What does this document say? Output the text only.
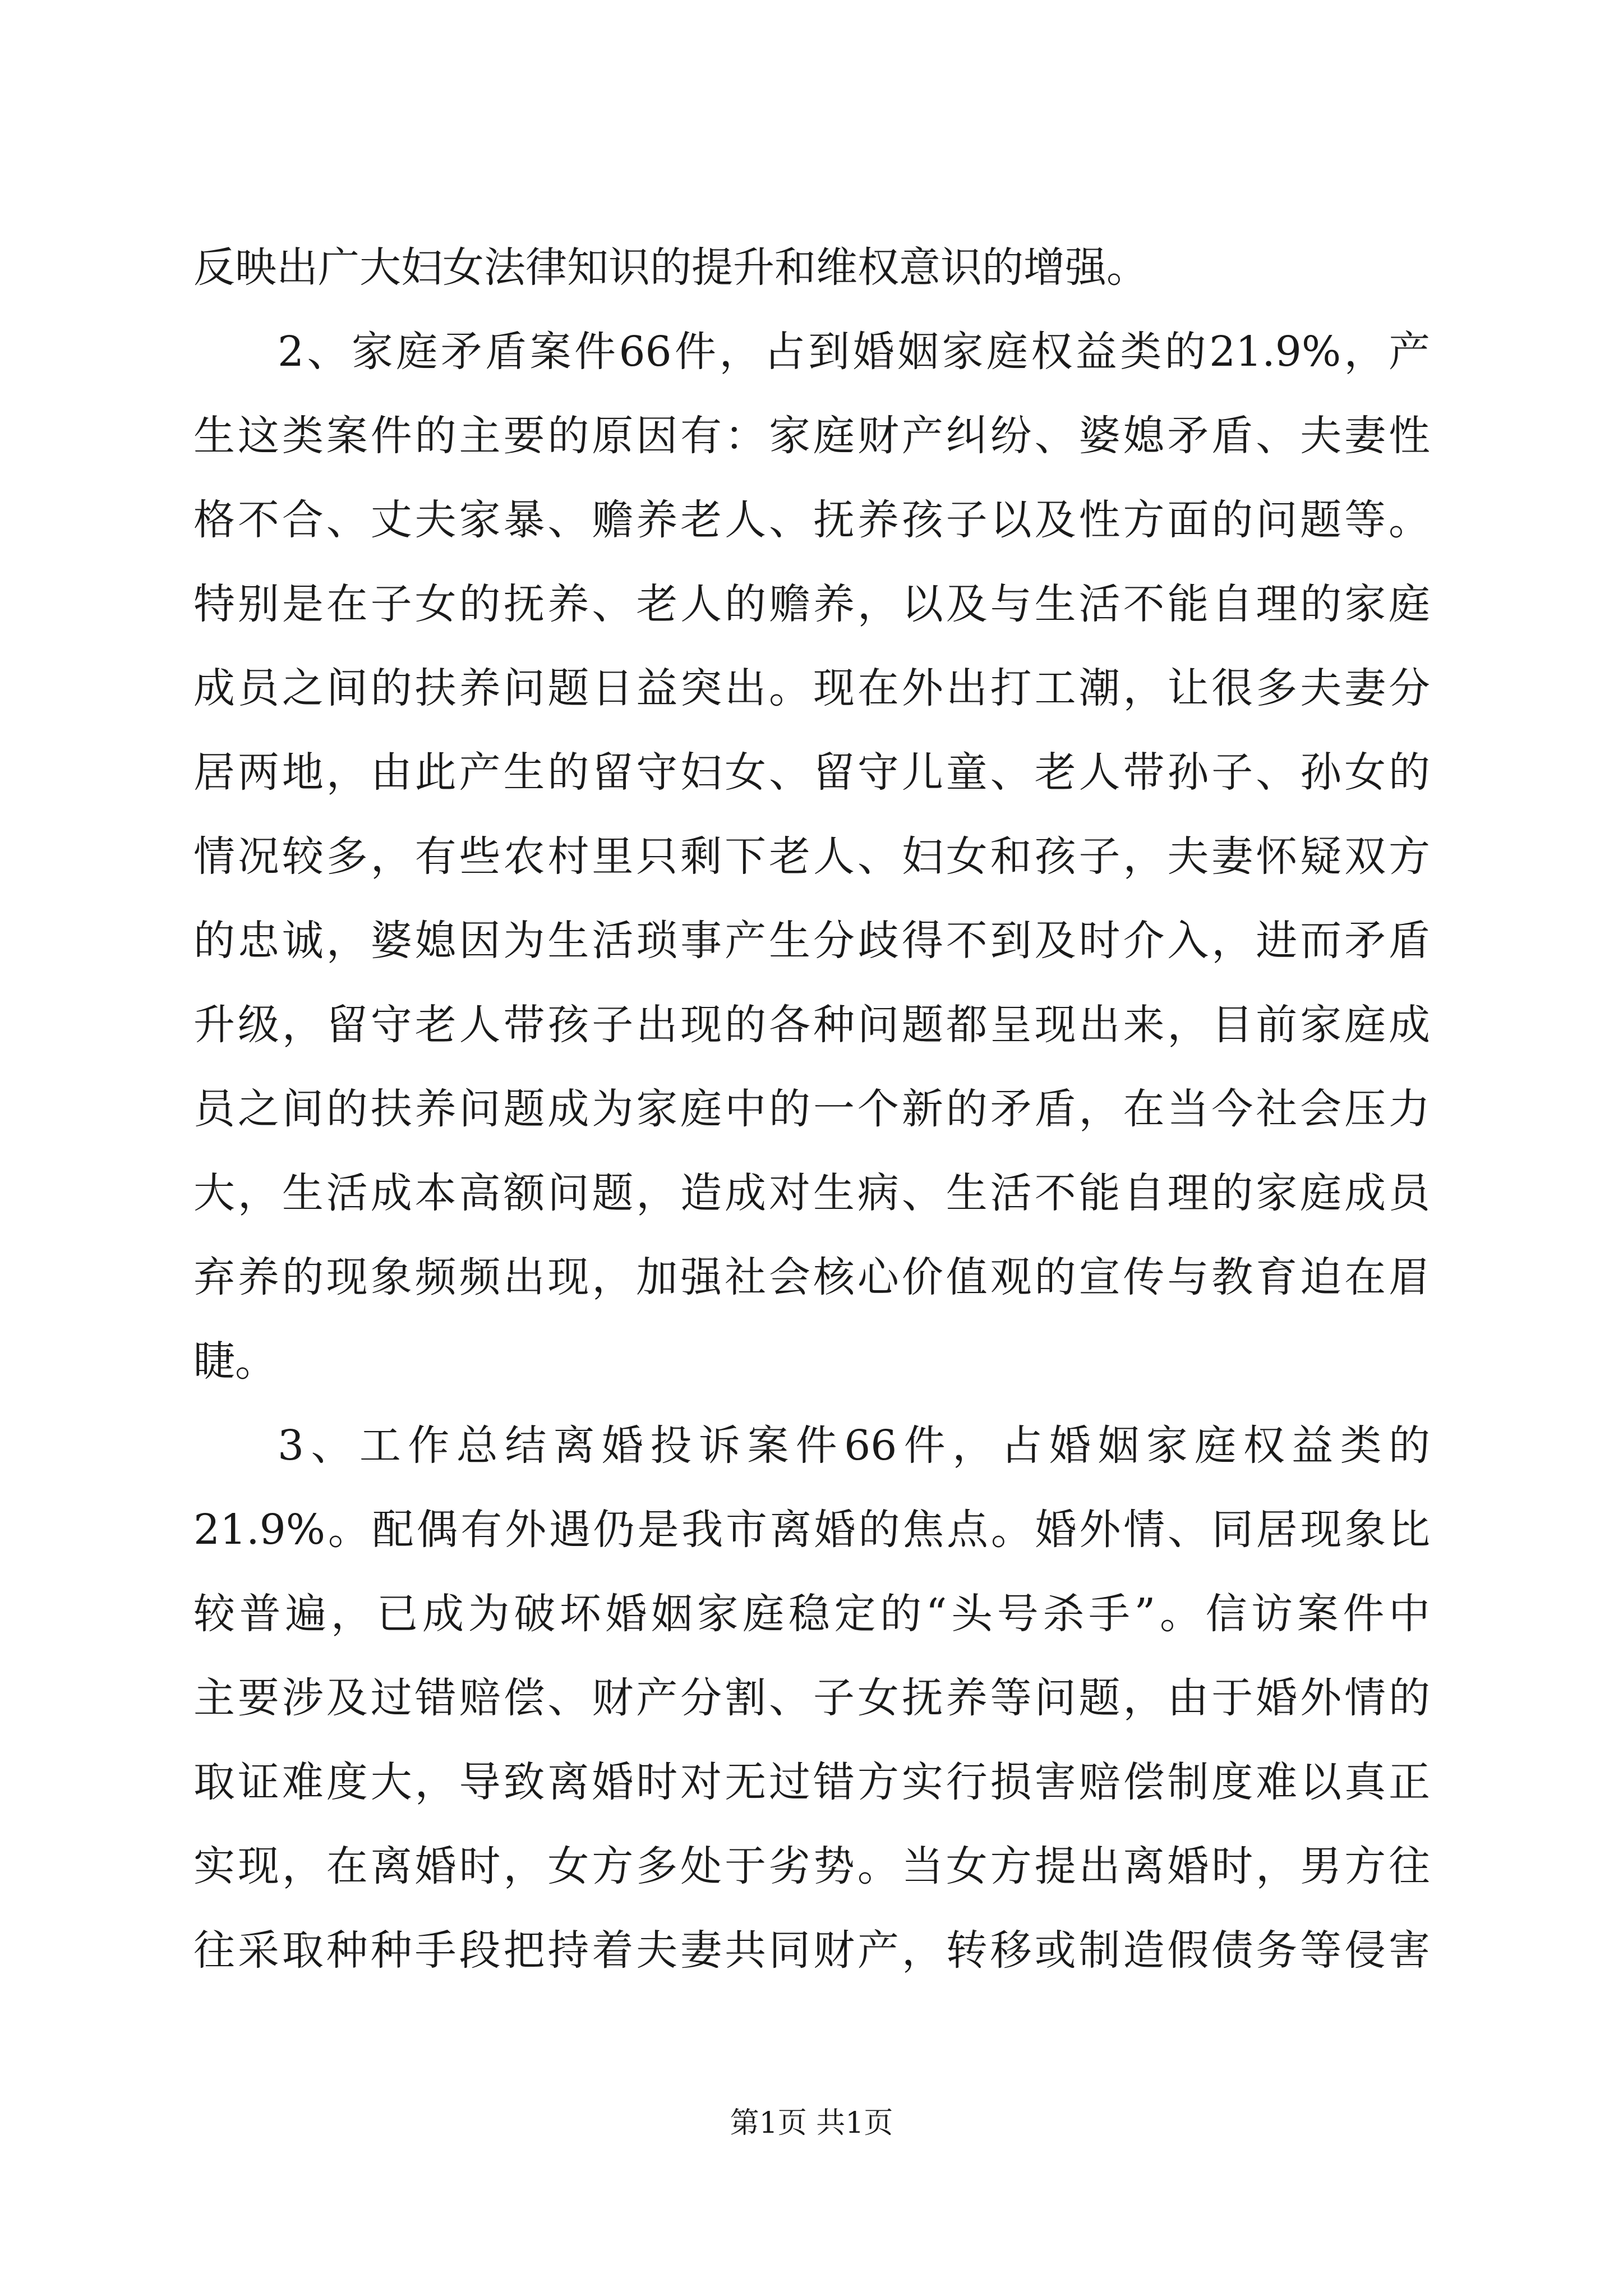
反映出广大妇女法律知识的提升和维权意识的增强。
2、家庭矛盾案件66件，占到婚姻家庭权益类的21.9%，产
生这类案件的主要的原因有：家庭财产纠纷、婆媳矛盾、夫妻性
格不合、丈夫家暴、赡养老人、抚养孩子以及性方面的问题等。
特别是在子女的抚养、老人的赡养，以及与生活不能自理的家庭
成员之间的扶养问题日益突出。现在外出打工潮，让很多夫妻分
居两地，由此产生的留守妇女、留守儿童、老人带孙子、孙女的
情况较多，有些农村里只剩下老人、妇女和孩子，夫妻怀疑双方
的忠诚，婆媳因为生活琐事产生分歧得不到及时介入，进而矛盾
升级，留守老人带孩子出现的各种问题都呈现出来，目前家庭成
员之间的扶养问题成为家庭中的一个新的矛盾，在当今社会压力
大，生活成本高额问题，造成对生病、生活不能自理的家庭成员
弃养的现象频频出现，加强社会核心价值观的宣传与教育迫在眉
睫。
3、工作总结离婚投诉案件66件，占婚姻家庭权益类的
21.9%。配偶有外遇仍是我市离婚的焦点。婚外情、同居现象比
较普遍，已成为破坏婚姻家庭稳定的“头号杀手”。信访案件中
主要涉及过错赔偿、财产分割、子女抚养等问题，由于婚外情的
取证难度大，导致离婚时对无过错方实行损害赔偿制度难以真正
实现，在离婚时，女方多处于劣势。当女方提出离婚时，男方往
往采取种种手段把持着夫妻共同财产，转移或制造假债务等侵害
第1页 共1页
